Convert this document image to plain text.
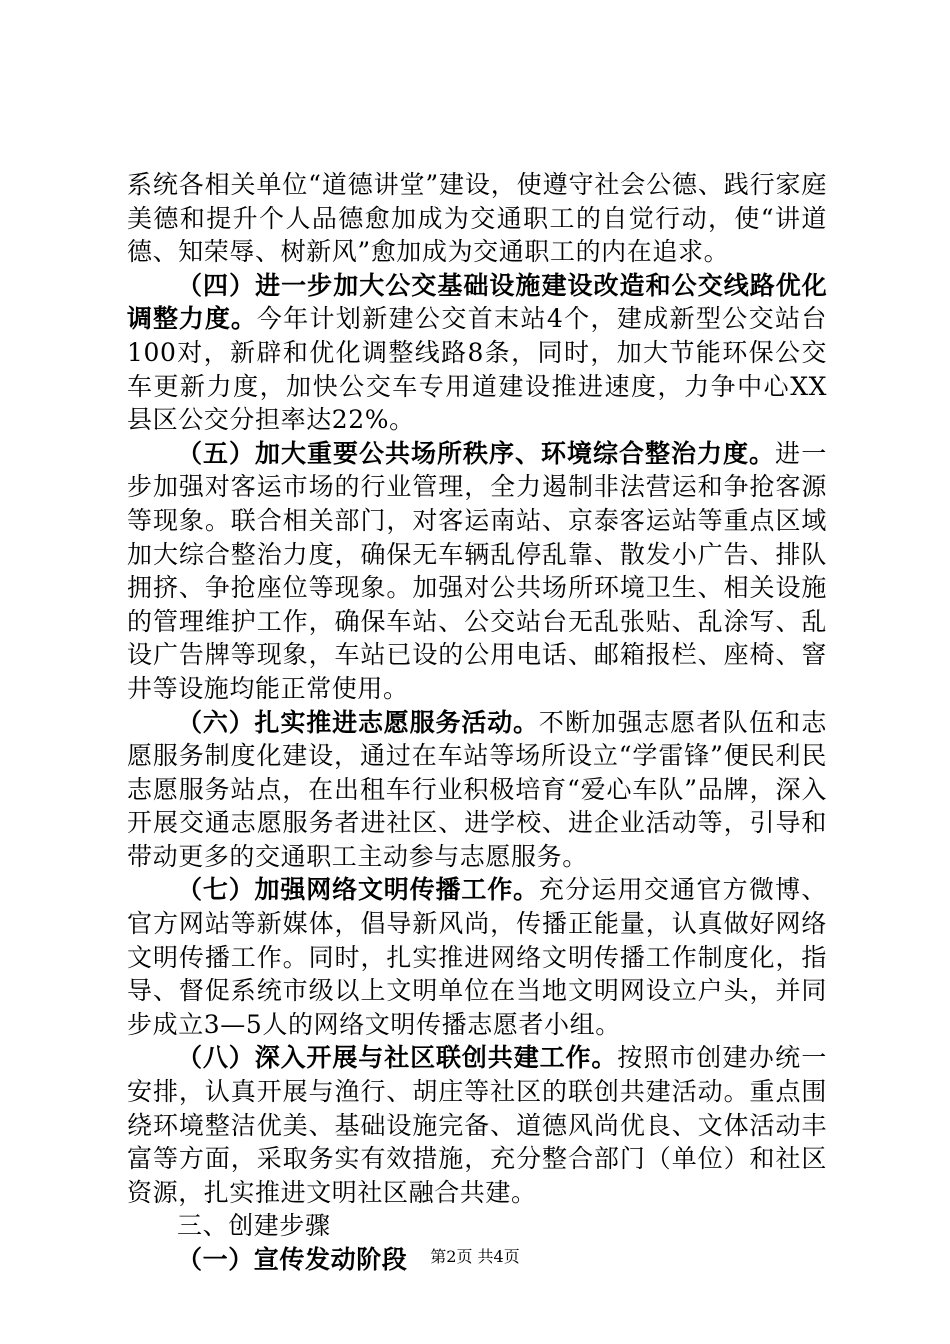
系统各相关单位“道德讲堂”建设，使遵守社会公德、践行家庭美德和提升个人品德愈加成为交通职工的自觉行动，使“讲道德、知荣辱、树新风”愈加成为交通职工的内在追求。

（四）进一步加大公交基础设施建设改造和公交线路优化调整力度。今年计划新建公交首末站4个，建成新型公交站台100对，新辟和优化调整线路8条，同时，加大节能环保公交车更新力度，加快公交车专用道建设推进速度，力争中心XX县区公交分担率达22%。

（五）加大重要公共场所秩序、环境综合整治力度。进一步加强对客运市场的行业管理，全力遏制非法营运和争抢客源等现象。联合相关部门，对客运南站、京泰客运站等重点区域加大综合整治力度，确保无车辆乱停乱靠、散发小广告、排队拥挤、争抢座位等现象。加强对公共场所环境卫生、相关设施的管理维护工作，确保车站、公交站台无乱张贴、乱涂写、乱设广告牌等现象，车站已设的公用电话、邮箱报栏、座椅、窨井等设施均能正常使用。

（六）扎实推进志愿服务活动。不断加强志愿者队伍和志愿服务制度化建设，通过在车站等场所设立“学雷锋”便民利民志愿服务站点，在出租车行业积极培育“爱心车队”品牌，深入开展交通志愿服务者进社区、进学校、进企业活动等，引导和带动更多的交通职工主动参与志愿服务。

（七）加强网络文明传播工作。充分运用交通官方微博、官方网站等新媒体，倡导新风尚，传播正能量，认真做好网络文明传播工作。同时，扎实推进网络文明传播工作制度化，指导、督促系统市级以上文明单位在当地文明网设立户头，并同步成立3—5人的网络文明传播志愿者小组。

（八）深入开展与社区联创共建工作。按照市创建办统一安排，认真开展与渔行、胡庄等社区的联创共建活动。重点围绕环境整洁优美、基础设施完备、道德风尚优良、文体活动丰富等方面，采取务实有效措施，充分整合部门（单位）和社区资源，扎实推进文明社区融合共建。

三、创建步骤

（一）宣传发动阶段	第2页 共4页
